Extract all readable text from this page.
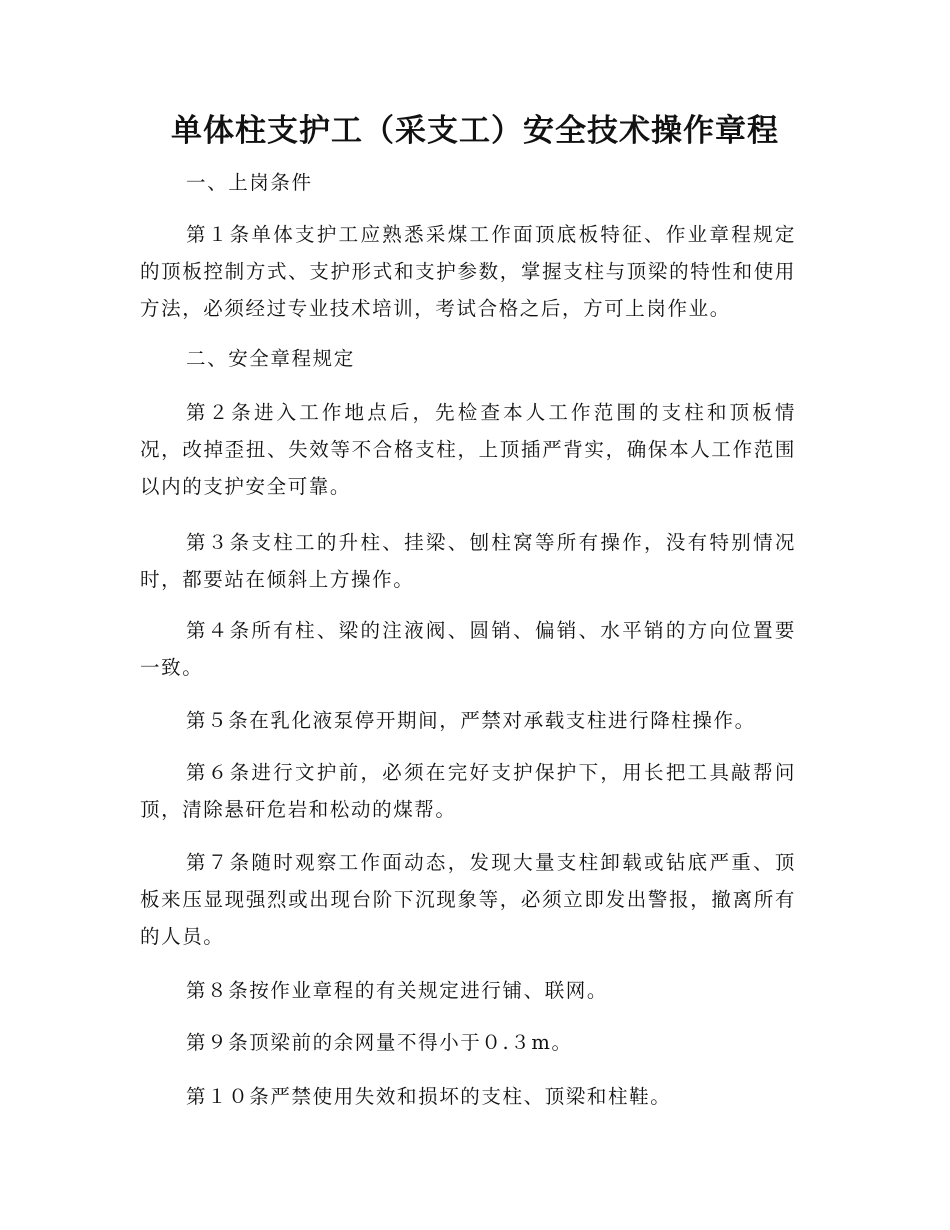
单体柱支护工（采支工）安全技术操作章程

一、上岗条件

第１条单体支护工应熟悉采煤工作面顶底板特征、作业章程规定的顶板控制方式、支护形式和支护参数，掌握支柱与顶梁的特性和使用方法，必须经过专业技术培训，考试合格之后，方可上岗作业。

二、安全章程规定

第２条进入工作地点后，先检查本人工作范围的支柱和顶板情况，改掉歪扭、失效等不合格支柱，上顶插严背实，确保本人工作范围以内的支护安全可靠。

第３条支柱工的升柱、挂梁、刨柱窝等所有操作，没有特别情况时，都要站在倾斜上方操作。

第４条所有柱、梁的注液阀、圆销、偏销、水平销的方向位置要一致。

第５条在乳化液泵停开期间，严禁对承载支柱进行降柱操作。

第６条进行文护前，必须在完好支护保护下，用长把工具敲帮问顶，清除悬矸危岩和松动的煤帮。

第７条随时观察工作面动态，发现大量支柱卸载或钻底严重、顶板来压显现强烈或出现台阶下沉现象等，必须立即发出警报，撤离所有的人员。

第８条按作业章程的有关规定进行铺、联网。

第９条顶梁前的余网量不得小于０.３m。

第１０条严禁使用失效和损坏的支柱、顶梁和柱鞋。
